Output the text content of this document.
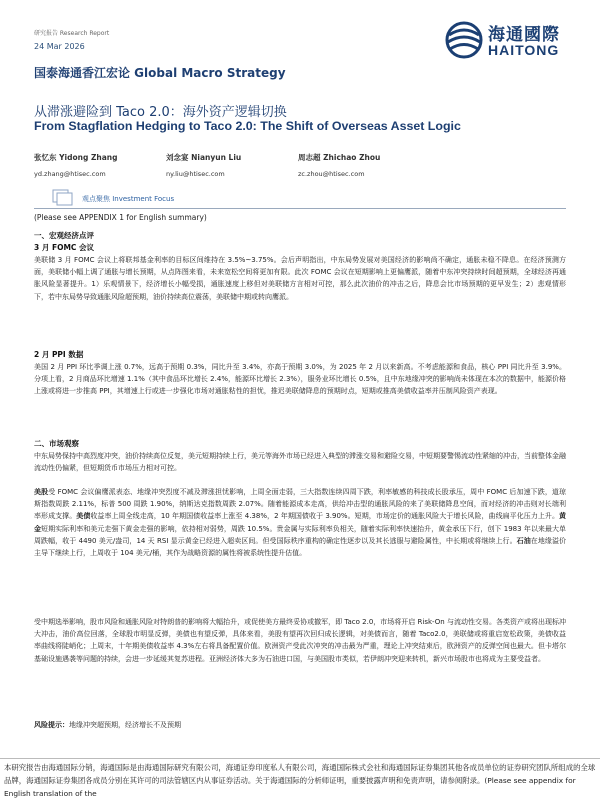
研究报告 Research Report
24 Mar 2026
海通國際
HAITONG
国泰海通香江宏论 Global Macro Strategy
从滞涨避险到 Taco 2.0：海外资产逻辑切换
From Stagflation Hedging to Taco 2.0: The Shift of Overseas Asset Logic
张忆东 Yidong Zhang
yd.zhang@htisec.com
刘念宴 Nianyun Liu
ny.liu@htisec.com
周志超 Zhichao Zhou
zc.zhou@htisec.com
观点聚焦 Investment Focus
(Please see APPENDIX 1 for English summary)
一、宏观经济点评
3 月 FOMC 会议
美联储 3 月 FOMC 会议上将联邦基金利率的目标区间维持在 3.5%~3.75%。会后声明指出，中东局势发展对美国经济的影响尚不确定，通胀未稳不降息。在经济预测方面，美联储小幅上调了通胀与增长预期，从点阵图来看，未来宽松空间将更加有限。此次 FOMC 会议在短期影响上更偏鹰派，随着中东冲突持续时间超预期，全球经济再通胀风险显著提升。1）乐观情景下，经济增长小幅受损，通胀速度上移但对美联储方言相对可控，那么此次油价的冲击之后，降息会比市场预期的更早发生；2）悲观情形下，若中东局势导致通胀风险超预期，油价持续高位震荡，美联储中期或转向鹰派。
2 月 PPI 数据
美国 2 月 PPI 环比季调上涨 0.7%，远高于预期 0.3%，同比升至 3.4%，亦高于预期 3.0%，为 2025 年 2 月以来新高。不考虑能源和食品，核心 PPI 同比升至 3.9%。分项上看，2 月商品环比增速 1.1%（其中食品环比增长 2.4%，能源环比增长 2.3%），服务业环比增长 0.5%，且中东地缘冲突的影响尚未体现在本次的数据中，能源价格上涨或将进一步推高 PPI，其增速上行或进一步强化市场对通胀粘性的担忧，推迟美联储降息的预期时点，短期或推高美债收益率并压制风险资产表现。
二、市场观察
中东局势保持中高烈度冲突，油价持续高位反复，美元短期持续上行，美元等海外市场已经进入典型的滞涨交易和避险交易，中短期要警惕流动性紧缩的冲击，当前整体金融流动性仍偏紧，但短期货币市场压力相对可控。
美股受 FOMC 会议偏鹰派表态、地缘冲突烈度不减及滞涨担忧影响，上周全面走弱，三大指数连续四周下跌，利率敏感的科技成长股承压，周中 FOMC 后加速下跌，道琼斯指数周跌 2.11%，标普 500 周跌 1.90%，纳斯达克指数周跌 2.07%。随着能源成本走高，供给冲击型的通胀风险的来了美联储降息空间，而对经济的冲击则对长端利率形成支撑。美债收益率上周全线走高，10 年期国债收益率上涨至 4.38%，2 年期国债收于 3.90%。短期，市场定价的通胀风险大于增长风险，曲线扁平化压力上升。黄金短期实际利率和美元走强下黄金走强的影响，依持相对弱势，周跌 10.5%。贵金属与实际利率负相关，随着实际利率快速抬升，黄金承压下行，创下 1983 年以来最大单周跌幅，收于 4490 美元/盎司，14 天 RSI 显示黄金已经进入超卖区间。但受国际秩序重构的确定性逐步以及其长逃服与避险属性，中长期或将继续上行。石油在地缘溢价主导下继续上行，上周收于 104 美元/桶，其作为战略资源的属性将被系统性提升估值。
受中期选举影响，股市风险和通胀风险对特朗普的影响将大幅抬升，或促使美方最终妥协或撤军，即 Taco 2.0，市场将开启 Risk-On 与流动性交易。各类资产或将出现标冲大冲击，油价高位回落，全球股市明显反弹，美债也有望反弹，具体来看，美股有望再次回归成长逻辑，对美债而言，随着 Taco2.0，美联储或将重启宽松政策，美债收益率曲线将陡峭化；上周末，十年期美债收益率 4.3%左右将具备配置价值。欧洲资产受此次冲突的冲击最为严重，理论上冲突结束后，欧洲资产的反弹空间也最大。但卡塔尔基础设施遇袭等问题的持续，会进一步延缓其复苏进程。亚洲经济体大多为石油进口国，与美国股市类似，若伊朗冲突迎来转机，新兴市场股市也将成为主要受益者。
风险提示：地缘冲突超预期，经济增长不及预期
本研究报告由海通国际分销，海通国际是由海通国际研究有限公司，海通证券印度私人有限公司，海通国际株式会社和海通国际证券集团其他各成员单位的证券研究团队所组成的全球品牌，海通国际证券集团各成员分别在其许可的司法管辖区内从事证券活动。关于海通国际的分析师证明，重要披露声明和免责声明，请参阅附录。(Please see appendix for English translation of the
